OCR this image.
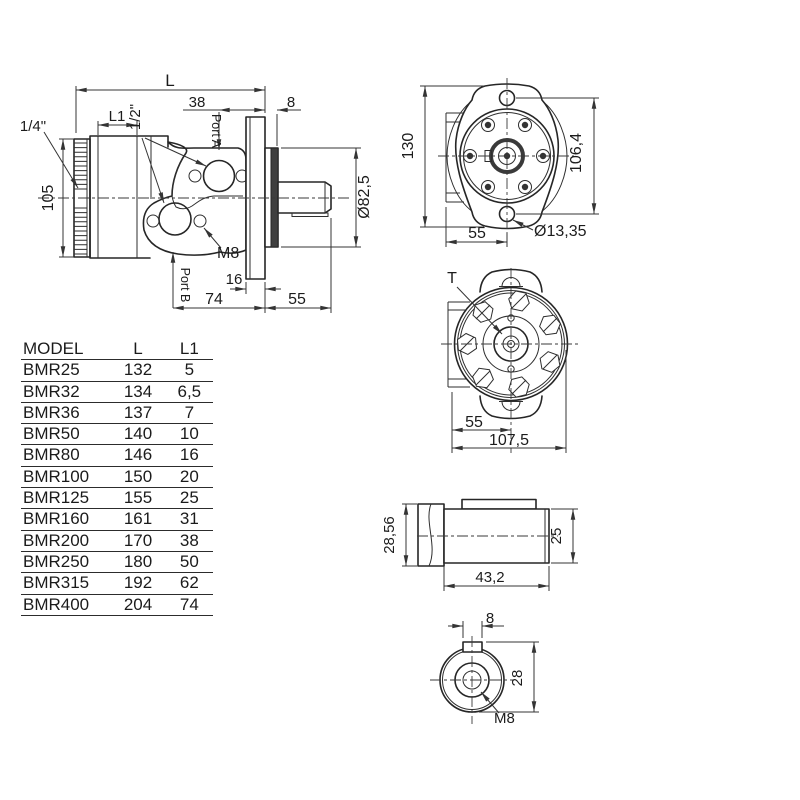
L
38	8
L1
1/4"	1/2"
105	Ø82,5
Port A
Port B
M8
16
74	55
130	106,4
55	Ø13,35
T
55
107,5
28,56	25
43,2
8
28
M8
MODEL	L	L1
BMR25	132	5
BMR32	134	6,5
BMR36	137	7
BMR50	140	10
BMR80	146	16
BMR100	150	20
BMR125	155	25
BMR160	161	31
BMR200	170	38
BMR250	180	50
BMR315	192	62
BMR400	204	74
